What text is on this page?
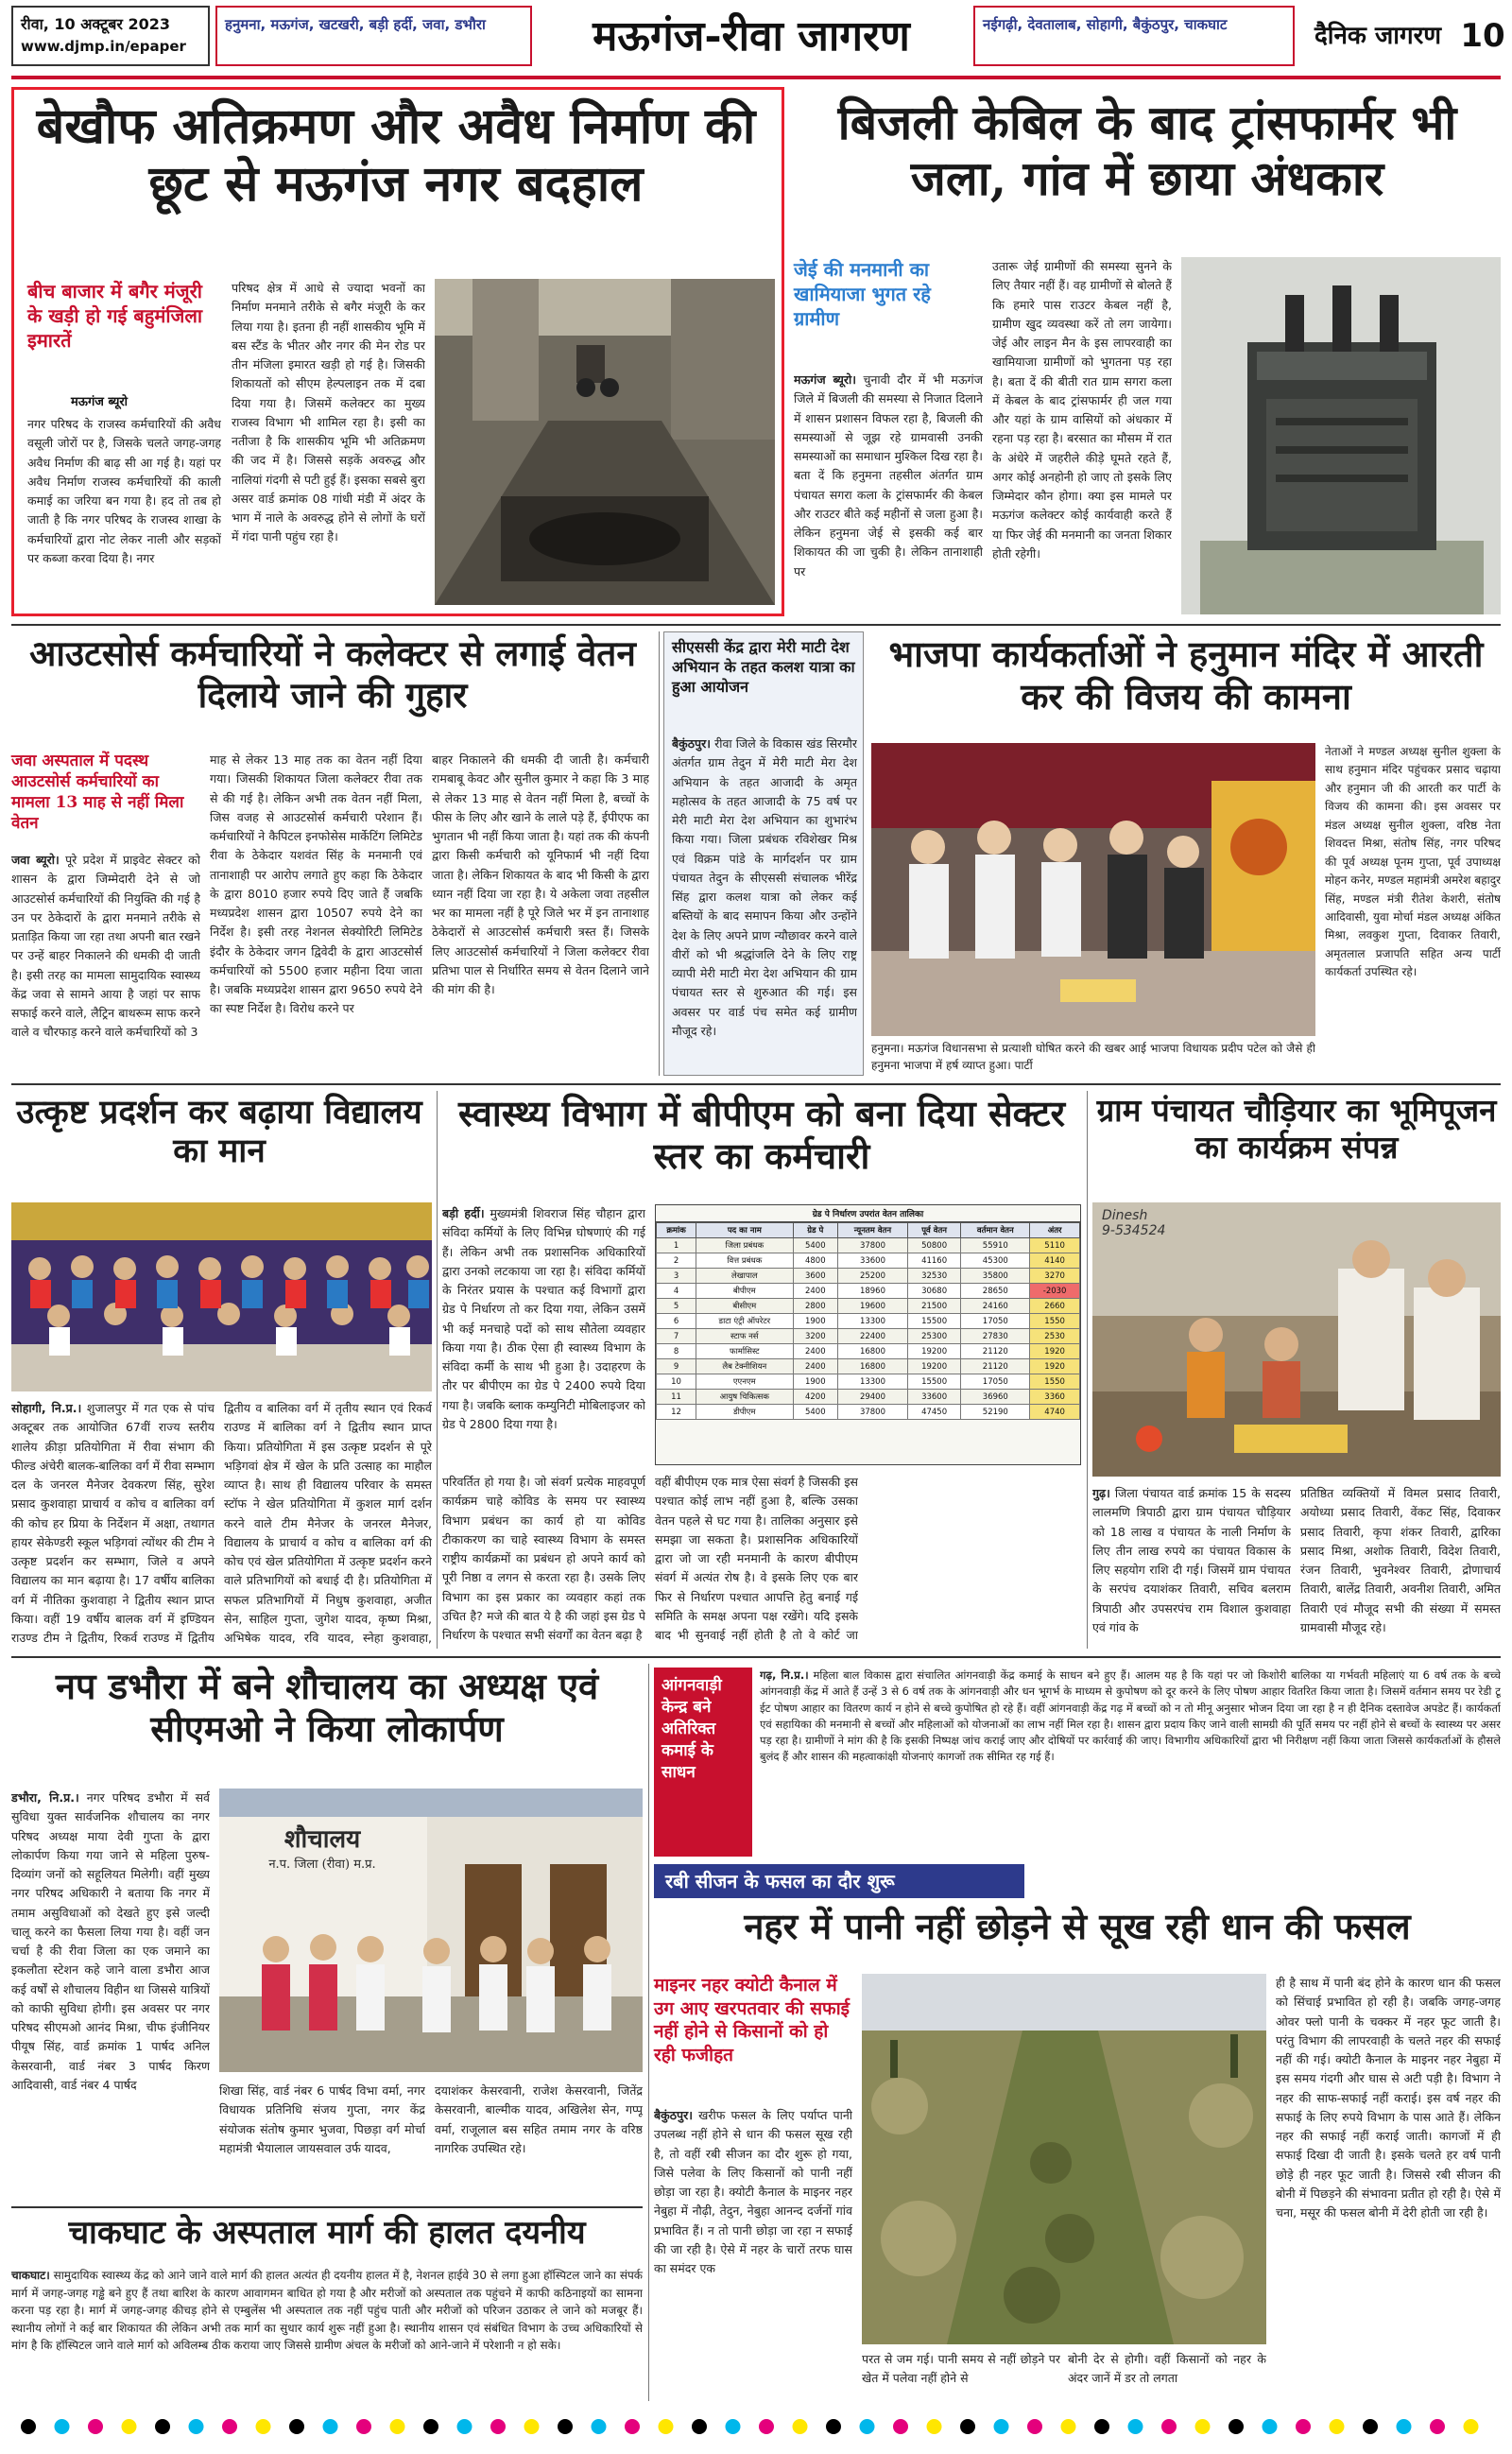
रीवा, 10 अक्टूबर 2023
www.djmp.in/epaper
हनुमना, मऊगंज, खटखरी, बड़ी हर्दी, जवा, डभौरा	मऊगंज-रीवा जागरण	नईगढ़ी, देवतालाब, सोहागी, बैकुंठपुर, चाकघाट	दैनिक जागरण 10
बेखौफ अतिक्रमण और अवैध निर्माण की छूट से मऊगंज नगर बदहाल
बीच बाजार में बगैर मंजूरी के खड़ी हो गई बहुमंजिला इमारतें
मऊगंज ब्यूरो
नगर परिषद के राजस्व कर्मचारियों की अवैध वसूली जोरों पर है, जिसके चलते जगह-जगह अवैध निर्माण की बाढ़ सी आ गई है। यहां पर अवैध निर्माण राजस्व कर्मचारियों की काली कमाई का जरिया बन गया है। हद तो तब हो जाती है कि नगर परिषद के राजस्व शाखा के कर्मचारियों द्वारा नोट लेकर नाली और सड़कों पर कब्जा करवा दिया है। नगर
परिषद क्षेत्र में आधे से ज्यादा भवनों का निर्माण मनमाने तरीके से बगैर मंजूरी के कर लिया गया है। इतना ही नहीं शासकीय भूमि में बस स्टैंड के भीतर और नगर की मेन रोड पर तीन मंजिला इमारत खड़ी हो गई है। जिसकी शिकायतों को सीएम हेल्पलाइन तक में दबा दिया गया है। जिसमें कलेक्टर का मुख्य राजस्व विभाग भी शामिल रहा है। इसी का नतीजा है कि शासकीय भूमि भी अतिक्रमण की जद में है। जिससे सड़कें अवरुद्ध और नालियां गंदगी से पटी हुई हैं। इसका सबसे बुरा असर वार्ड क्रमांक 08 गांधी मंडी में अंदर के भाग में नाले के अवरुद्ध होने से लोगों के घरों में गंदा पानी पहुंच रहा है।
बिजली केबिल के बाद ट्रांसफार्मर भी जला, गांव में छाया अंधकार
जेई की मनमानी का खामियाजा भुगत रहे ग्रामीण
मऊगंज ब्यूरो। चुनावी दौर में भी मऊगंज जिले में बिजली की समस्या से निजात दिलाने में शासन प्रशासन विफल रहा है, बिजली की समस्याओं से जूझ रहे ग्रामवासी उनकी समस्याओं का समाधान मुश्किल दिख रहा है। बता दें कि हनुमना तहसील अंतर्गत ग्राम पंचायत सगरा कला के ट्रांसफार्मर की केबल और राउटर बीते कई महीनों से जला हुआ है। लेकिन हनुमना जेई से इसकी कई बार शिकायत की जा चुकी है। लेकिन तानाशाही पर
उतारू जेई ग्रामीणों की समस्या सुनने के लिए तैयार नहीं हैं। वह ग्रामीणों से बोलते हैं कि हमारे पास राउटर केबल नहीं है, ग्रामीण खुद व्यवस्था करें तो लग जायेगा। जेई और लाइन मैन के इस लापरवाही का खामियाजा ग्रामीणों को भुगतना पड़ रहा है। बता दें की बीती रात ग्राम सगरा कला में केबल के बाद ट्रांसफार्मर ही जल गया और यहां के ग्राम वासियों को अंधकार में रहना पड़ रहा है। बरसात का मौसम में रात के अंधेरे में जहरीले कीड़े घूमते रहते हैं, अगर कोई अनहोनी हो जाए तो इसके लिए जिम्मेदार कौन होगा। क्या इस मामले पर मऊगंज कलेक्टर कोई कार्यवाही करते हैं या फिर जेई की मनमानी का जनता शिकार होती रहेगी।
आउटसोर्स कर्मचारियों ने कलेक्टर से लगाई वेतन दिलाये जाने की गुहार
जवा अस्पताल में पदस्थ आउटसोर्स कर्मचारियों का मामला 13 माह से नहीं मिला वेतन
जवा ब्यूरो। पूरे प्रदेश में प्राइवेट सेक्टर को शासन के द्वारा जिम्मेदारी देने से जो आउटसोर्स कर्मचारियों की नियुक्ति की गई है उन पर ठेकेदारों के द्वारा मनमाने तरीके से प्रताड़ित किया जा रहा तथा अपनी बात रखने पर उन्हें बाहर निकालने की धमकी दी जाती है। इसी तरह का मामला सामुदायिक स्वास्थ्य केंद्र जवा से सामने आया है जहां पर साफ सफाई करने वाले, लैट्रिन बाथरूम साफ करने वाले व चौरफाड़ करने वाले कर्मचारियों को 3
माह से लेकर 13 माह तक का वेतन नहीं दिया गया। जिसकी शिकायत जिला कलेक्टर रीवा तक से की गई है। लेकिन अभी तक वेतन नहीं मिला, जिस वजह से आउटसोर्स कर्मचारी परेशान हैं। कर्मचारियों ने कैपिटल इनफोसेस मार्केटिंग लिमिटेड रीवा के ठेकेदार यशवंत सिंह के मनमानी एवं तानाशाही पर आरोप लगाते हुए कहा कि ठेकेदार के द्वारा 8010 हजार रुपये दिए जाते हैं जबकि मध्यप्रदेश शासन द्वारा 10507 रुपये देने का निर्देश है। इसी तरह नेशनल सेक्योरिटी लिमिटेड इंदौर के ठेकेदार जगन द्विवेदी के द्वारा आउटसोर्स कर्मचारियों को 5500 हजार महीना दिया जाता है। जबकि मध्यप्रदेश शासन द्वारा 9650 रुपये देने का स्पष्ट निर्देश है। विरोध करने पर
बाहर निकालने की धमकी दी जाती है। कर्मचारी रामबाबू केवट और सुनील कुमार ने कहा कि 3 माह से लेकर 13 माह से वेतन नहीं मिला है, बच्चों के फीस के लिए और खाने के लाले पड़े हैं, ईपीएफ का भुगतान भी नहीं किया जाता है। यहां तक की कंपनी द्वारा किसी कर्मचारी को यूनिफार्म भी नहीं दिया जाता है। लेकिन शिकायत के बाद भी किसी के द्वारा ध्यान नहीं दिया जा रहा है। ये अकेला जवा तहसील भर का मामला नहीं है पूरे जिले भर में इन तानाशाह ठेकेदारों से आउटसोर्स कर्मचारी त्रस्त हैं। जिसके लिए आउटसोर्स कर्मचारियों ने जिला कलेक्टर रीवा प्रतिभा पाल से निर्धारित समय से वेतन दिलाने जाने की मांग की है।
सीएससी केंद्र द्वारा मेरी माटी देश अभियान के तहत कलश यात्रा का हुआ आयोजन
बैकुंठपुर। रीवा जिले के विकास खंड सिरमौर अंतर्गत ग्राम तेदुन में मेरी माटी मेरा देश अभियान के तहत आजादी के अमृत महोत्सव के तहत आजादी के 75 वर्ष पर मेरी माटी मेरा देश अभियान का शुभारंभ किया गया। जिला प्रबंधक रविशेखर मिश्र एवं विक्रम पांडे के मार्गदर्शन पर ग्राम पंचायत तेदुन के सीएससी संचालक भीरेंद्र सिंह द्वारा कलश यात्रा को लेकर कई बस्तियों के बाद समापन किया और उन्होंने देश के लिए अपने प्राण न्यौछावर करने वाले वीरों को भी श्रद्धांजलि देने के लिए राष्ट्र व्यापी मेरी माटी मेरा देश अभियान की ग्राम पंचायत स्तर से शुरुआत की गई। इस अवसर पर वार्ड पंच समेत कई ग्रामीण मौजूद रहे।
भाजपा कार्यकर्ताओं ने हनुमान मंदिर में आरती कर की विजय की कामना
नेताओं ने मण्डल अध्यक्ष सुनील शुक्ला के साथ हनुमान मंदिर पहुंचकर प्रसाद चढ़ाया और हनुमान जी की आरती कर पार्टी के विजय की कामना की। इस अवसर पर मंडल अध्यक्ष सुनील शुक्ला, वरिष्ठ नेता शिवदत्त मिश्रा, संतोष सिंह, नगर परिषद की पूर्व अध्यक्ष पूनम गुप्ता, पूर्व उपाध्यक्ष मोहन कनेर, मण्डल महामंत्री अमरेश बहादुर सिंह, मण्डल मंत्री रीतेश केशरी, संतोष आदिवासी, युवा मोर्चा मंडल अध्यक्ष अंकित मिश्रा, लवकुश गुप्ता, दिवाकर तिवारी, अमृतलाल प्रजापति सहित अन्य पार्टी कार्यकर्ता उपस्थित रहे।
हनुमना। मऊगंज विधानसभा से प्रत्याशी घोषित करने की खबर आई भाजपा विधायक प्रदीप पटेल को जैसे ही हनुमना भाजपा में हर्ष व्याप्त हुआ। पार्टी
उत्कृष्ट प्रदर्शन कर बढ़ाया विद्यालय का मान
सोहागी, नि.प्र.। शुजालपुर में गत एक से पांच अक्टूबर तक आयोजित 67वीं राज्य स्तरीय शालेय क्रीड़ा प्रतियोगिता में रीवा संभाग की फील्ड अंचेरी बालक-बालिका वर्ग में रीवा सम्भाग दल के जनरल मैनेजर देवकरण सिंह, सुरेश प्रसाद कुशवाहा प्राचार्य व कोच व बालिका वर्ग की कोच हर प्रिया के निर्देशन में अक्षा, तथागत हायर सेकेण्डरी स्कूल भड़िगवां त्योंथर की टीम ने उत्कृष्ट प्रदर्शन कर सम्भाग, जिले व अपने विद्यालय का मान बढ़ाया है। 17 वर्षीय बालिका वर्ग में नीतिका कुशवाहा ने द्वितीय स्थान प्राप्त किया। वहीं 19 वर्षीय बालक वर्ग में इण्डियन राउण्ड टीम ने द्वितीय, रिकर्व राउण्ड में द्वितीय
द्वितीय व बालिका वर्ग में तृतीय स्थान एवं रिकर्व राउण्ड में बालिका वर्ग ने द्वितीय स्थान प्राप्त किया। प्रतियोगिता में इस उत्कृष्ट प्रदर्शन से पूरे भड़िगवां क्षेत्र में खेल के प्रति उत्साह का माहौल व्याप्त है। साथ ही विद्यालय परिवार के समस्त स्टॉफ ने खेल प्रतियोगिता में कुशल मार्ग दर्शन करने वाले टीम मैनेजर के जनरल मैनेजर, विद्यालय के प्राचार्य व कोच व बालिका वर्ग की कोच एवं खेल प्रतियोगिता में उत्कृष्ट प्रदर्शन करने वाले प्रतिभागियों को बधाई दी है। प्रतियोगिता में सफल प्रतिभागियों में निधुष कुशवाहा, अजीत सेन, साहिल गुप्ता, जुगेश यादव, कृष्ण मिश्रा, अभिषेक यादव, रवि यादव, स्नेहा कुशवाहा,
स्वास्थ्य विभाग में बीपीएम को बना दिया सेक्टर स्तर का कर्मचारी
बड़ी हर्दी। मुख्यमंत्री शिवराज सिंह चौहान द्वारा संविदा कर्मियों के लिए विभिन्न घोषणाएं की गई हैं। लेकिन अभी तक प्रशासनिक अधिकारियों द्वारा उनको लटकाया जा रहा है। संविदा कर्मियों के निरंतर प्रयास के पश्चात कई विभागों द्वारा ग्रेड पे निर्धारण तो कर दिया गया, लेकिन उसमें भी कई मनचाहे पदों को साथ सौतेला व्यवहार किया गया है। ठीक ऐसा ही स्वास्थ्य विभाग के संविदा कर्मी के साथ भी हुआ है। उदाहरण के तौर पर बीपीएम का ग्रेड पे 2400 रुपये दिया गया है। जबकि ब्लाक कम्युनिटी मोबिलाइजर को ग्रेड पे 2800 दिया गया है।
ग्रेड पे निर्धारण उपरांत वेतन तालिका
क्रमांक	पद का नाम	ग्रेड पे	न्यूनतम वेतन	पूर्व वेतन	वर्तमान वेतन	अंतर
1	जिला प्रबंधक	5400	37800	50800	55910	5110
2	वित्त प्रबंधक	4800	33600	41160	45300	4140
3	लेखापाल	3600	25200	32530	35800	3270
4	बीपीएम	2400	18960	30680	28650	-2030
5	बीसीएम	2800	19600	21500	24160	2660
6	डाटा एंट्री ऑपरेटर	1900	13300	15500	17050	1550
7	स्टाफ नर्स	3200	22400	25300	27830	2530
8	फार्मासिस्ट	2400	16800	19200	21120	1920
9	लैब टेक्नीशियन	2400	16800	19200	21120	1920
10	एएनएम	1900	13300	15500	17050	1550
11	आयुष चिकित्सक	4200	29400	33600	36960	3360
12	डीपीएम	5400	37800	47450	52190	4740
परिवर्तित हो गया है। जो संवर्ग प्रत्येक माहवपूर्ण कार्यक्रम चाहे कोविड के समय पर स्वास्थ्य विभाग प्रबंधन का कार्य हो या कोविड टीकाकरण का चाहे स्वास्थ्य विभाग के समस्त राष्ट्रीय कार्यक्रमों का प्रबंधन हो अपने कार्य को पूरी निष्ठा व लगन से करता रहा है। उसके लिए विभाग का इस प्रकार का व्यवहार कहां तक उचित है? मजे की बात ये है की जहां इस ग्रेड पे निर्धारण के पश्चात सभी संवर्गों का वेतन बढ़ा है
वहीं बीपीएम एक मात्र ऐसा संवर्ग है जिसकी इस पश्चात कोई लाभ नहीं हुआ है, बल्कि उसका वेतन पहले से घट गया है। तालिका अनुसार इसे समझा जा सकता है। प्रशासनिक अधिकारियों द्वारा जो जा रही मनमानी के कारण बीपीएम संवर्ग में अत्यंत रोष है। वे इसके लिए एक बार फिर से निर्धारण पश्चात आपत्ति हेतु बनाई गई समिति के समक्ष अपना पक्ष रखेंगे। यदि इसके बाद भी सुनवाई नहीं होती है तो वे कोर्ट जा
ग्राम पंचायत चौड़ियार का भूमिपूजन का कार्यक्रम संपन्न
Dinesh
9-534524
गुढ़। जिला पंचायत वार्ड क्रमांक 15 के सदस्य लालमणि त्रिपाठी द्वारा ग्राम पंचायत चौड़ियार को 18 लाख व पंचायत के नाली निर्माण के लिए तीन लाख रुपये का पंचायत विकास के लिए सहयोग राशि दी गई। जिसमें ग्राम पंचायत के सरपंच दयाशंकर तिवारी, सचिव बलराम त्रिपाठी और उपसरपंच राम विशाल कुशवाहा एवं गांव के
प्रतिष्ठित व्यक्तियों में विमल प्रसाद तिवारी, अयोध्या प्रसाद तिवारी, वेंकट सिंह, दिवाकर प्रसाद तिवारी, कृपा शंकर तिवारी, द्वारिका प्रसाद मिश्रा, अशोक तिवारी, विदेश तिवारी, रंजन तिवारी, भुवनेश्वर तिवारी, द्रोणाचार्य तिवारी, बालेंद्र तिवारी, अवनीश तिवारी, अमित तिवारी एवं मौजूद सभी की संख्या में समस्त ग्रामवासी मौजूद रहे।
नप डभौरा में बने शौचालय का अध्यक्ष एवं सीएमओ ने किया लोकार्पण
डभौरा, नि.प्र.। नगर परिषद डभौरा में सर्व सुविधा युक्त सार्वजनिक शौचालय का नगर परिषद अध्यक्ष माया देवी गुप्ता के द्वारा लोकार्पण किया गया जाने से महिला पुरुष-दिव्यांग जनों को सहूलियत मिलेगी। वहीं मुख्य नगर परिषद अधिकारी ने बताया कि नगर में तमाम असुविधाओं को देखते हुए इसे जल्दी चालू करने का फैसला लिया गया है। वहीं जन चर्चा है की रीवा जिला का एक जमाने का इकलौता स्टेशन कहे जाने वाला डभौरा आज कई वर्षों से शौचालय विहीन था जिससे यात्रियों को काफी सुविधा होगी। इस अवसर पर नगर परिषद सीएमओ आनंद मिश्रा, चीफ इंजीनियर पीयूष सिंह, वार्ड क्रमांक 1 पार्षद अनिल केसरवानी, वार्ड नंबर 3 पार्षद किरण आदिवासी, वार्ड नंबर 4 पार्षद
शौचालय
न.प. जिला (रीवा) म.प्र.
शिखा सिंह, वार्ड नंबर 6 पार्षद विभा वर्मा, नगर विधायक प्रतिनिधि संजय गुप्ता, नगर केंद्र संयोजक संतोष कुमार भुजवा, पिछड़ा वर्ग मोर्चा महामंत्री भैयालाल जायसवाल उर्फ यादव,
दयाशंकर केसरवानी, राजेश केसरवानी, जितेंद्र केसरवानी, बाल्मीक यादव, अखिलेश सेन, गप्पू वर्मा, राजूलाल बस सहित तमाम नगर के वरिष्ठ नागरिक उपस्थित रहे।
आंगनवाड़ी केन्द्र बने अतिरिक्त कमाई के साधन
गढ़, नि.प्र.। महिला बाल विकास द्वारा संचालित आंगनवाड़ी केंद्र कमाई के साधन बने हुए हैं। आलम यह है कि यहां पर जो किशोरी बालिका या गर्भवती महिलाएं या 6 वर्ष तक के बच्चे आंगनवाड़ी केंद्र में आते हैं उन्हें 3 से 6 वर्ष तक के आंगनवाड़ी और धन भूगर्भ के माध्यम से कुपोषण को दूर करने के लिए पोषण आहार वितरित किया जाता है। जिसमें वर्तमान समय पर रेडी टू ईट पोषण आहार का वितरण कार्य न होने से बच्चे कुपोषित हो रहे हैं। वहीं आंगनवाड़ी केंद्र गढ़ में बच्चों को न तो मीनू अनुसार भोजन दिया जा रहा है न ही दैनिक दस्तावेज अपडेट हैं। कार्यकर्ता एवं सहायिका की मनमानी से बच्चों और महिलाओं को योजनाओं का लाभ नहीं मिल रहा है। शासन द्वारा प्रदाय किए जाने वाली सामग्री की पूर्ति समय पर नहीं होने से बच्चों के स्वास्थ्य पर असर पड़ रहा है। ग्रामीणों ने मांग की है कि इसकी निष्पक्ष जांच कराई जाए और दोषियों पर कार्रवाई की जाए। विभागीय अधिकारियों द्वारा भी निरीक्षण नहीं किया जाता जिससे कार्यकर्ताओं के हौसले बुलंद हैं और शासन की महत्वाकांक्षी योजनाएं कागजों तक सीमित रह गई हैं।
रबी सीजन के फसल का दौर शुरू
नहर में पानी नहीं छोड़ने से सूख रही धान की फसल
माइनर नहर क्योटी कैनाल में उग आए खरपतवार की सफाई नहीं होने से किसानों को हो रही फजीहत
बैकुंठपुर। खरीफ फसल के लिए पर्याप्त पानी उपलब्ध नहीं होने से धान की फसल सूख रही है, तो वहीं रबी सीजन का दौर शुरू हो गया, जिसे पलेवा के लिए किसानों को पानी नहीं छोड़ा जा रहा है। क्योटी कैनाल के माइनर नहर नेबुहा में नौढ़ी, तेदुन, नेबुहा आनन्द दर्जनों गांव प्रभावित हैं। न तो पानी छोड़ा जा रहा न सफाई की जा रही है। ऐसे में नहर के चारों तरफ घास का समंदर एक
परत से जम गई। पानी समय से नहीं छोड़ने पर खेत में पलेवा नहीं होने से
बोनी देर से होगी। वहीं किसानों को नहर के अंदर जानें में डर तो लगता
ही है साथ में पानी बंद होने के कारण धान की फसल को सिंचाई प्रभावित हो रही है। जबकि जगह-जगह ओवर फ्लो पानी के चक्कर में नहर फूट जाती है। परंतु विभाग की लापरवाही के चलते नहर की सफाई नहीं की गई। क्योटी कैनाल के माइनर नहर नेबुहा में इस समय गंदगी और घास से अटी पड़ी है। विभाग ने नहर की साफ-सफाई नहीं कराई। इस वर्ष नहर की सफाई के लिए रुपये विभाग के पास आते हैं। लेकिन नहर की सफाई नहीं कराई जाती। कागजों में ही सफाई दिखा दी जाती है। इसके चलते हर वर्ष पानी छोड़े ही नहर फूट जाती है। जिससे रबी सीजन की बोनी में पिछड़ने की संभावना प्रतीत हो रही है। ऐसे में चना, मसूर की फसल बोनी में देरी होती जा रही है।
चाकघाट के अस्पताल मार्ग की हालत दयनीय
चाकघाट। सामुदायिक स्वास्थ्य केंद्र को आने जाने वाले मार्ग की हालत अत्यंत ही दयनीय हालत में है, नेशनल हाईवे 30 से लगा हुआ हॉस्पिटल जाने का संपर्क मार्ग में जगह-जगह गड्ढे बने हुए हैं तथा बारिश के कारण आवागमन बाधित हो गया है और मरीजों को अस्पताल तक पहुंचने में काफी कठिनाइयों का सामना करना पड़ रहा है। मार्ग में जगह-जगह कीचड़ होने से एम्बुलेंस भी अस्पताल तक नहीं पहुंच पाती और मरीजों को परिजन उठाकर ले जाने को मजबूर हैं। स्थानीय लोगों ने कई बार शिकायत की लेकिन अभी तक मार्ग का सुधार कार्य शुरू नहीं हुआ है। स्थानीय शासन एवं संबंधित विभाग के उच्च अधिकारियों से मांग है कि हॉस्पिटल जाने वाले मार्ग को अविलम्ब ठीक कराया जाए जिससे ग्रामीण अंचल के मरीजों को आने-जाने में परेशानी न हो सके।
